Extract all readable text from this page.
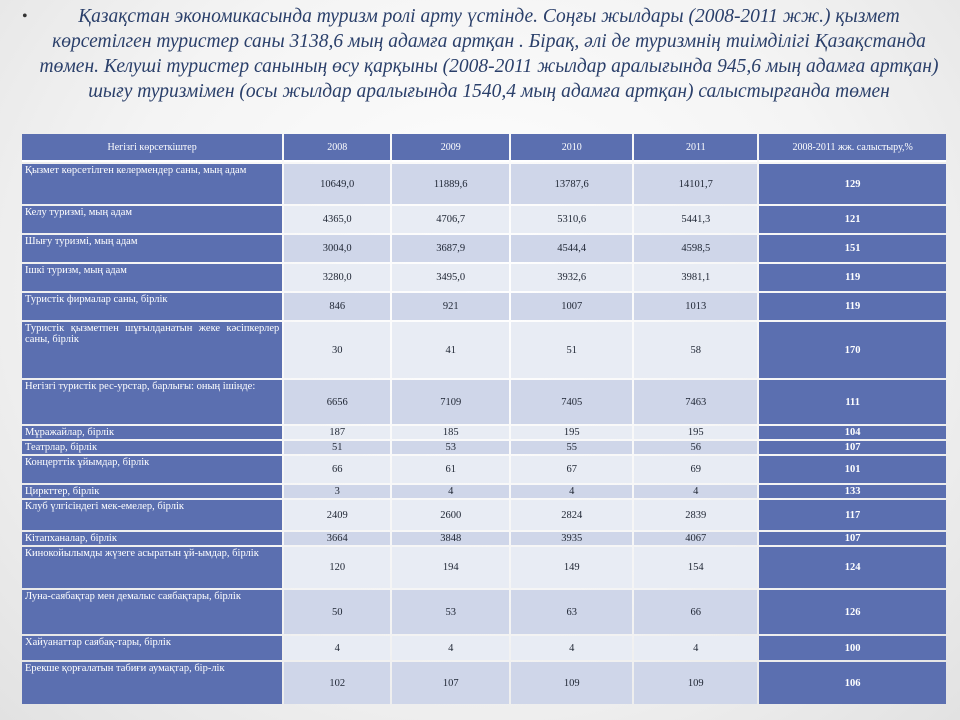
•	Қазақстан экономикасында туризм ролі арту үстінде. Соңғы жылдары (2008-2011 жж.) қызмет көрсетілген туристер саны 3138,6 мың адамға артқан . Бірақ, әлі де туризмнің тиімділігі Қазақстанда төмен. Келуші туристер санының өсу қарқыны (2008-2011 жылдар аралығында 945,6 мың адамға артқан) шығу туризмімен (осы жылдар аралығында 1540,4 мың адамға артқан) салыстырғанда төмен
Негізгі көрсеткіштер	2008	2009	2010	2011	2008-2011 жж. салыстыру,%
Қызмет көрсетілген келермендер саны, мың адам	10649,0	11889,6	13787,6	14101,7	129
Келу туризмі, мың адам	4365,0	4706,7	5310,6	5441,3	121
Шығу туризмі, мың адам	3004,0	3687,9	4544,4	4598,5	151
Ішкі туризм, мың адам	3280,0	3495,0	3932,6	3981,1	119
Туристік фирмалар саны, бірлік	846	921	1007	1013	119
Туристік қызметпен шұғылданатын жеке кәсіпкерлер саны, бірлік	30	41	51	58	170
Негізгі туристік рес-урстар, барлығы: оның ішінде:	6656	7109	7405	7463	111
Мұражайлар, бірлік	187	185	195	195	104
Театрлар, бірлік	51	53	55	56	107
Концерттік ұйымдар, бірлік	66	61	67	69	101
Циркттер, бірлік	3	4	4	4	133
Клуб үлгісіндегі мек-емелер, бірлік	2409	2600	2824	2839	117
Кітапханалар, бірлік	3664	3848	3935	4067	107
Кинокойылымды жүзеге асыратын ұй-ымдар, бірлік	120	194	149	154	124
Луна-саябақтар мен демалыс саябақтары, бірлік	50	53	63	66	126
Хайуанаттар саябақ-тары, бірлік	4	4	4	4	100
Ерекше қорғалатын табиғи аумақтар, бір-лік	102	107	109	109	106
